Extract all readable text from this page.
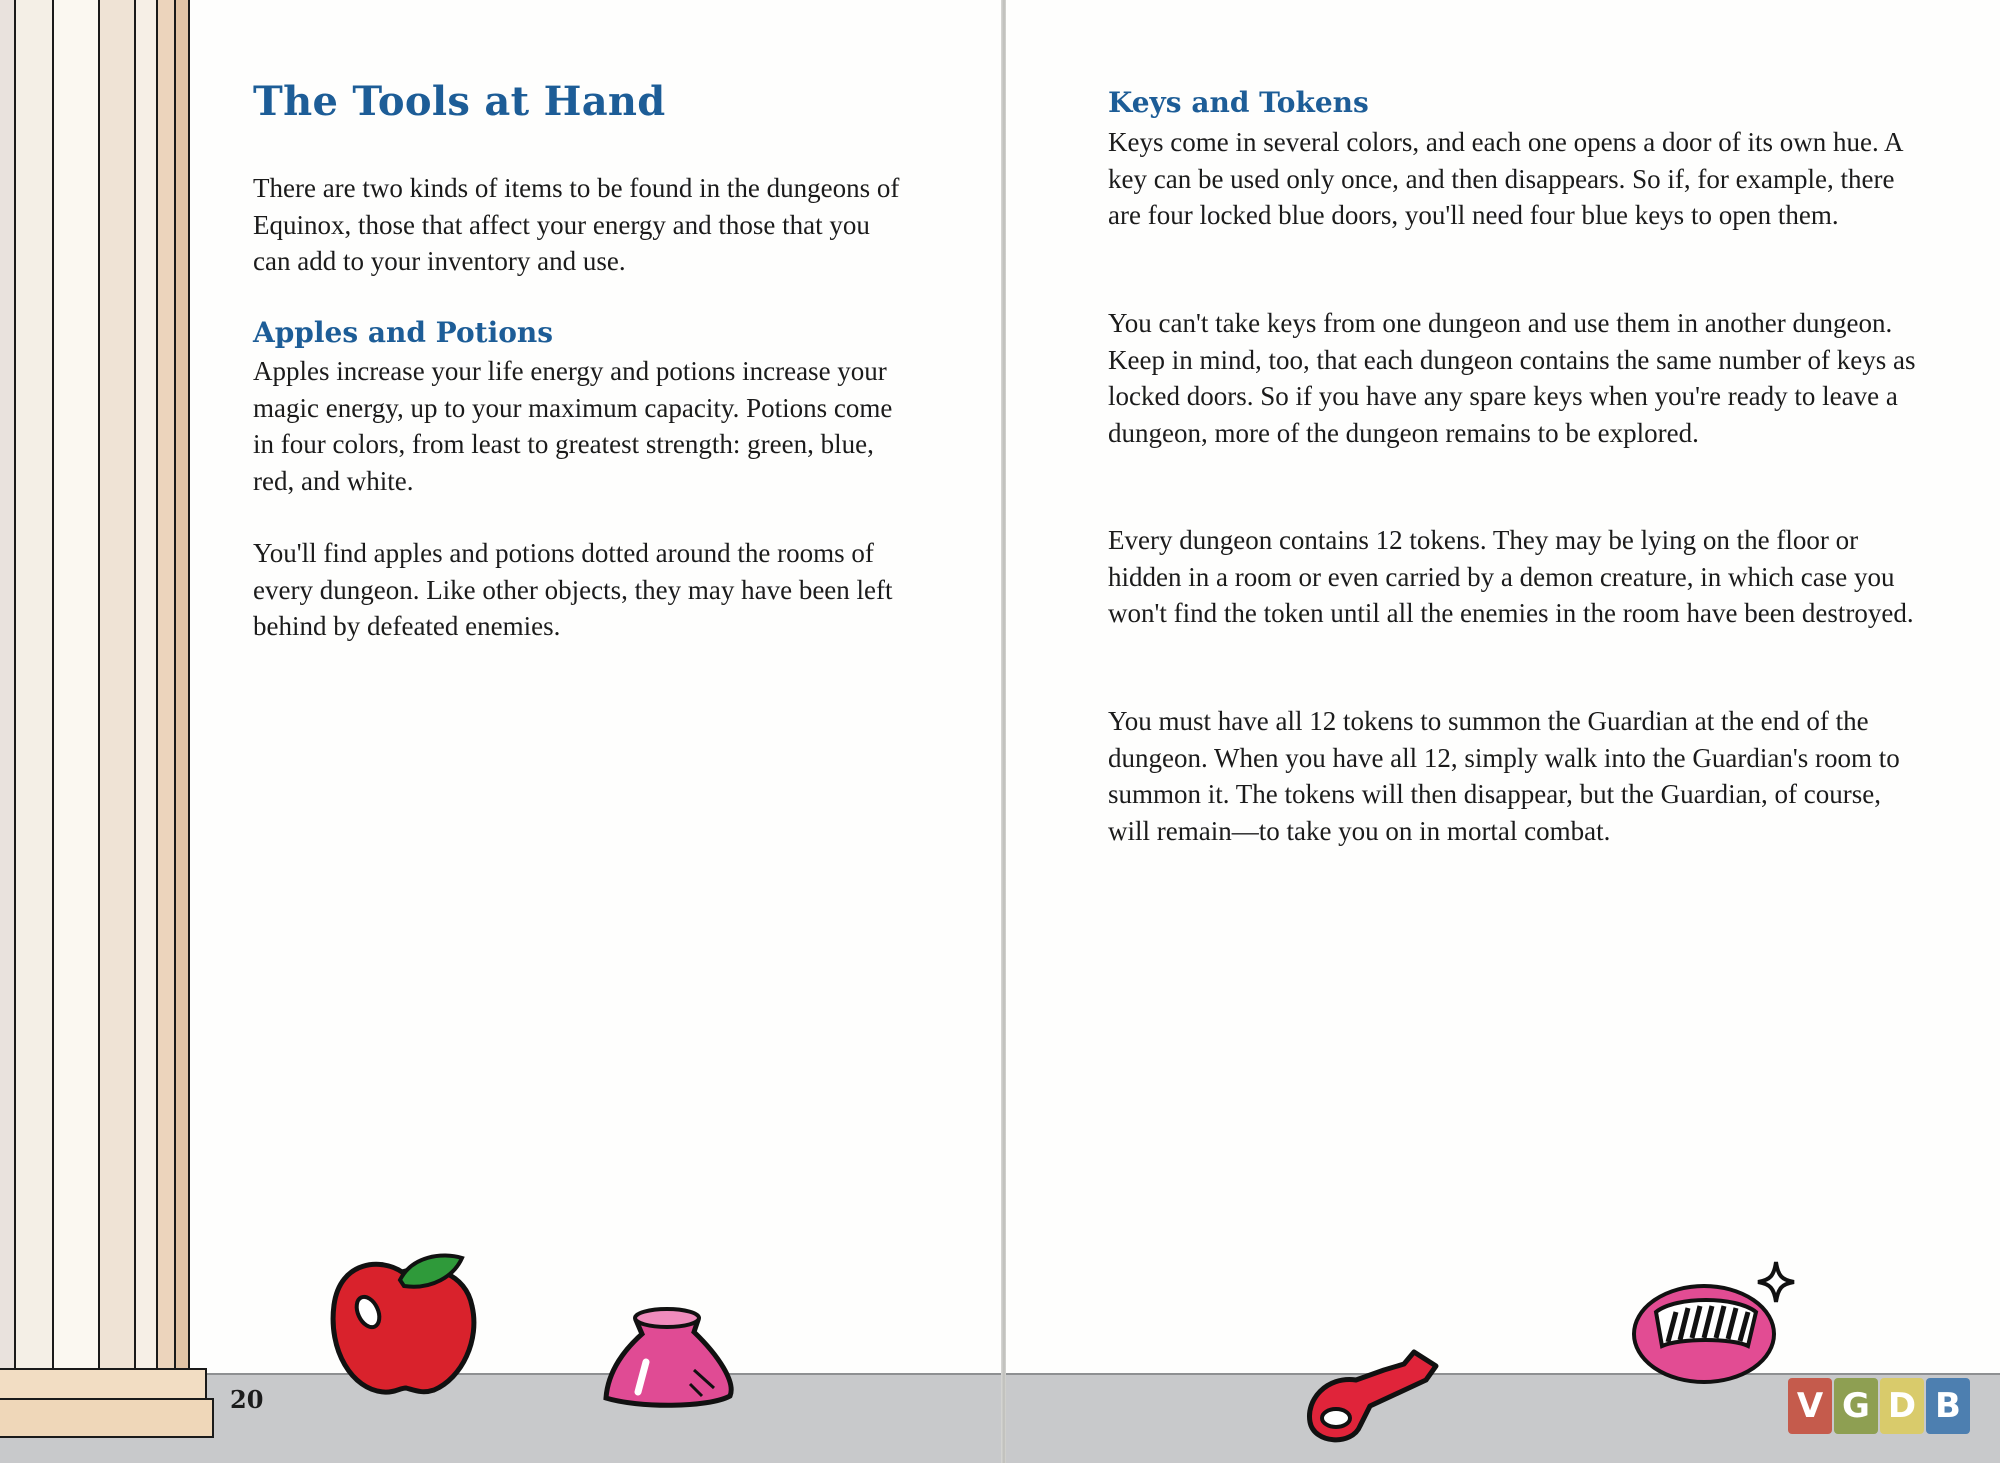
The Tools at Hand

There are two kinds of items to be found in the dungeons of Equinox, those that affect your energy and those that you can add to your inventory and use.

Apples and Potions

Apples increase your life energy and potions increase your magic energy, up to your maximum capacity. Potions come in four colors, from least to greatest strength: green, blue, red, and white.

You'll find apples and potions dotted around the rooms of every dungeon. Like other objects, they may have been left behind by defeated enemies.

20
Keys and Tokens

Keys come in several colors, and each one opens a door of its own hue. A key can be used only once, and then disappears. So if, for example, there are four locked blue doors, you'll need four blue keys to open them.

You can't take keys from one dungeon and use them in another dungeon. Keep in mind, too, that each dungeon contains the same number of keys as locked doors. So if you have any spare keys when you're ready to leave a dungeon, more of the dungeon remains to be explored.

Every dungeon contains 12 tokens. They may be lying on the floor or hidden in a room or even carried by a demon creature, in which case you won't find the token until all the enemies in the room have been destroyed.

You must have all 12 tokens to summon the Guardian at the end of the dungeon. When you have all 12, simply walk into the Guardian's room to summon it. The tokens will then disappear, but the Guardian, of course, will remain—to take you on in mortal combat.

V G D B
